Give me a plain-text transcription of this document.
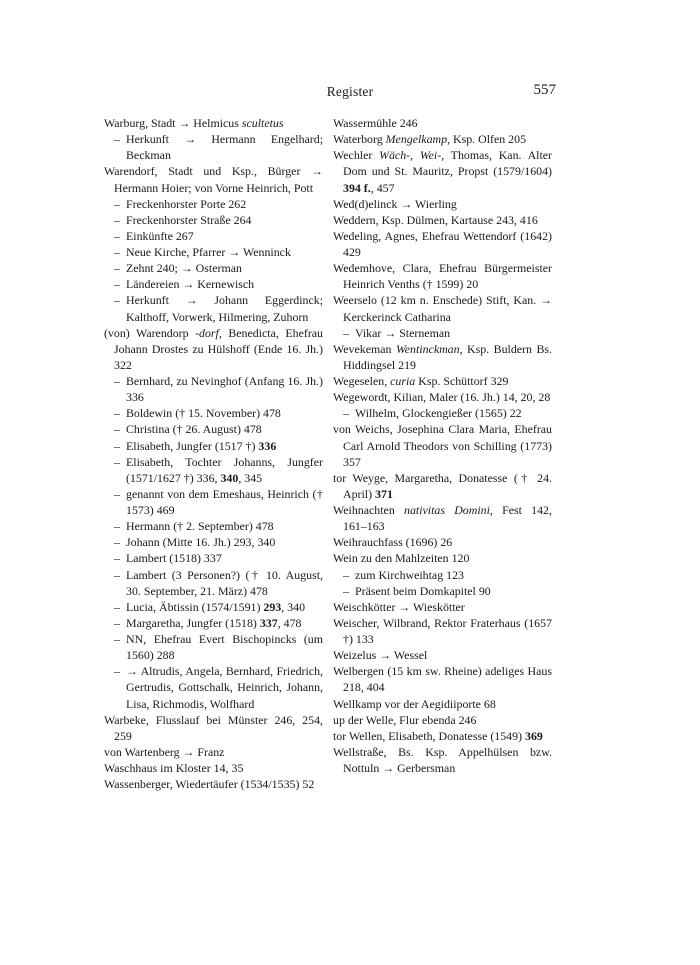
Register	557
Warburg, Stadt → Helmicus scultetus
– Herkunft → Hermann Engelhard; Beckman
Warendorf, Stadt und Ksp., Bürger → Hermann Hoier; von Vorne Heinrich, Pott
– Freckenhorster Porte 262
– Freckenhorster Straße 264
– Einkünfte 267
– Neue Kirche, Pfarrer → Wenninck
– Zehnt 240; → Osterman
– Ländereien → Kernewisch
– Herkunft → Johann Eggerdinck; Kalthoff, Vorwerk, Hilmering, Zuhorn
(von) Warendorp -dorf, Benedicta, Ehefrau Johann Drostes zu Hülshoff (Ende 16. Jh.) 322
– Bernhard, zu Nevinghof (Anfang 16. Jh.) 336
– Boldewin († 15. November) 478
– Christina († 26. August) 478
– Elisabeth, Jungfer (1517 †) 336
– Elisabeth, Tochter Johanns, Jungfer (1571/1627 †) 336, 340, 345
– genannt von dem Emeshaus, Heinrich († 1573) 469
– Hermann († 2. September) 478
– Johann (Mitte 16. Jh.) 293, 340
– Lambert (1518) 337
– Lambert (3 Personen?) († 10. August, 30. September, 21. März) 478
– Lucia, Äbtissin (1574/1591) 293, 340
– Margaretha, Jungfer (1518) 337, 478
– NN, Ehefrau Evert Bischopincks (um 1560) 288
– → Altrudis, Angela, Bernhard, Friedrich, Gertrudis, Gottschalk, Heinrich, Johann, Lisa, Richmodis, Wolfhard
Warbeke, Flusslauf bei Münster 246, 254, 259
von Wartenberg → Franz
Waschhaus im Kloster 14, 35
Wassenberger, Wiedertäufer (1534/1535) 52
Wassermühle 246
Waterborg Mengelkamp, Ksp. Olfen 205
Wechler Wäch-, Wei-, Thomas, Kan. Alter Dom und St. Mauritz, Propst (1579/1604) 394 f., 457
Wed(d)elinck → Wierling
Weddern, Ksp. Dülmen, Kartause 243, 416
Wedeling, Agnes, Ehefrau Wettendorf (1642) 429
Wedemhove, Clara, Ehefrau Bürgermeister Heinrich Venths († 1599) 20
Weerselo (12 km n. Enschede) Stift, Kan. → Kerckerinck Catharina
– Vikar → Sterneman
Wevekeman Wentinckman, Ksp. Buldern Bs. Hiddingsel 219
Wegeselen, curia Ksp. Schüttorf 329
Wegewordt, Kilian, Maler (16. Jh.) 14, 20, 28
– Wilhelm, Glockengießer (1565) 22
von Weichs, Josephina Clara Maria, Ehefrau Carl Arnold Theodors von Schilling (1773) 357
tor Weyge, Margaretha, Donatesse († 24. April) 371
Weihnachten nativitas Domini, Fest 142, 161–163
Weihrauchfass (1696) 26
Wein zu den Mahlzeiten 120
– zum Kirchweihtag 123
– Präsent beim Domkapitel 90
Weischkötter → Wieskötter
Weischer, Wilbrand, Rektor Fraterhaus (1657 †) 133
Weizelus → Wessel
Welbergen (15 km sw. Rheine) adeliges Haus 218, 404
Wellkamp vor der Aegidiiporte 68
up der Welle, Flur ebenda 246
tor Wellen, Elisabeth, Donatesse (1549) 369
Wellstraße, Bs. Ksp. Appelhülsen bzw. Nottuln → Gerbersman
